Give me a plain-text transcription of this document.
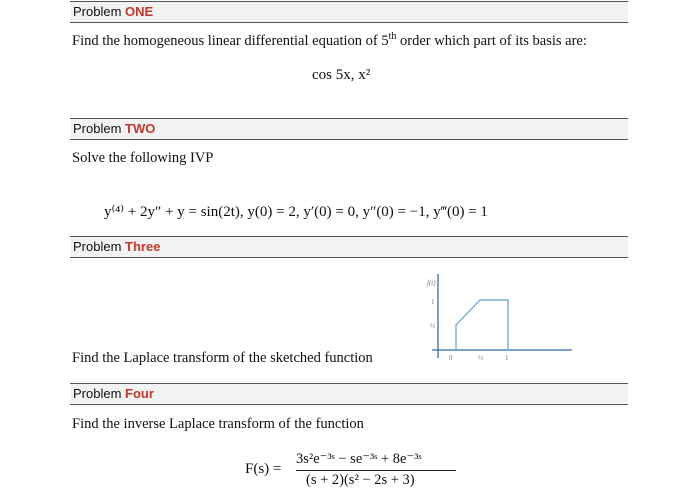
Problem ONE
Find the homogeneous linear differential equation of 5th order which part of its basis are:
cos 5x, x²
Problem TWO
Solve the following IVP
y⁽⁴⁾ + 2y″ + y = sin(2t), y(0) = 2, y′(0) = 0, y″(0) = −1, y‴(0) = 1
Problem Three
Find the Laplace transform of the sketched function
f(t)
1
½
0	½	1
Problem Four
Find the inverse Laplace transform of the function
F(s) =
3s²e⁻³ˢ − se⁻³ˢ + 8e⁻³ˢ
(s + 2)(s² − 2s + 3)
